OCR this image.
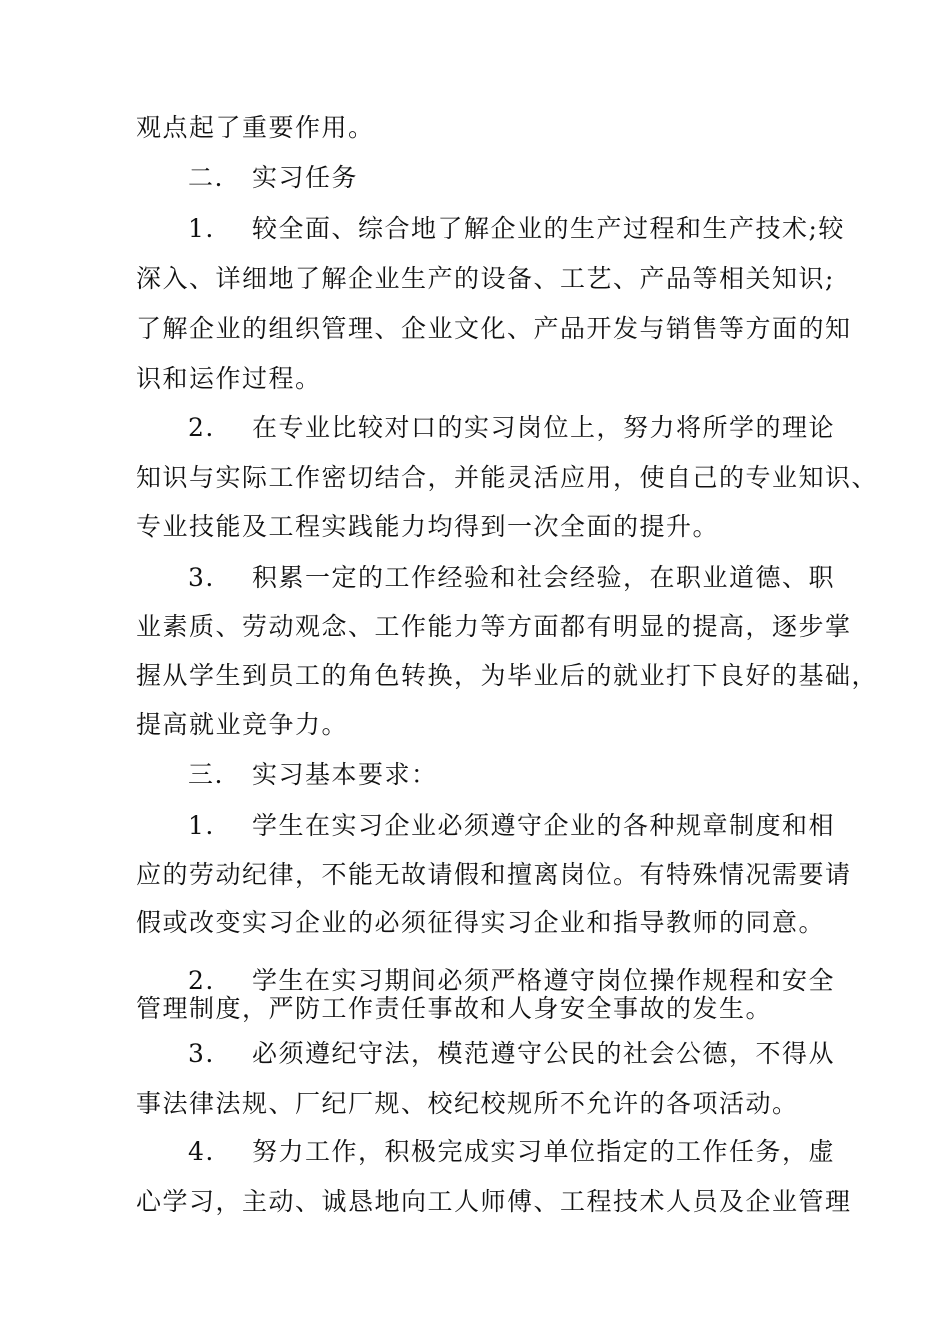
观点起了重要作用。
二. 实习任务
1. 较全面、综合地了解企业的生产过程和生产技术;较
深入、详细地了解企业生产的设备、工艺、产品等相关知识;
了解企业的组织管理、企业文化、产品开发与销售等方面的知
识和运作过程。
2. 在专业比较对口的实习岗位上，努力将所学的理论
知识与实际工作密切结合，并能灵活应用，使自己的专业知识、
专业技能及工程实践能力均得到一次全面的提升。
3. 积累一定的工作经验和社会经验，在职业道德、职
业素质、劳动观念、工作能力等方面都有明显的提高，逐步掌
握从学生到员工的角色转换，为毕业后的就业打下良好的基础，
提高就业竞争力。
三. 实习基本要求：
1. 学生在实习企业必须遵守企业的各种规章制度和相
应的劳动纪律，不能无故请假和擅离岗位。有特殊情况需要请
假或改变实习企业的必须征得实习企业和指导教师的同意。
2. 学生在实习期间必须严格遵守岗位操作规程和安全
管理制度，严防工作责任事故和人身安全事故的发生。
3. 必须遵纪守法，模范遵守公民的社会公德，不得从
事法律法规、厂纪厂规、校纪校规所不允许的各项活动。
4. 努力工作，积极完成实习单位指定的工作任务，虚
心学习，主动、诚恳地向工人师傅、工程技术人员及企业管理
